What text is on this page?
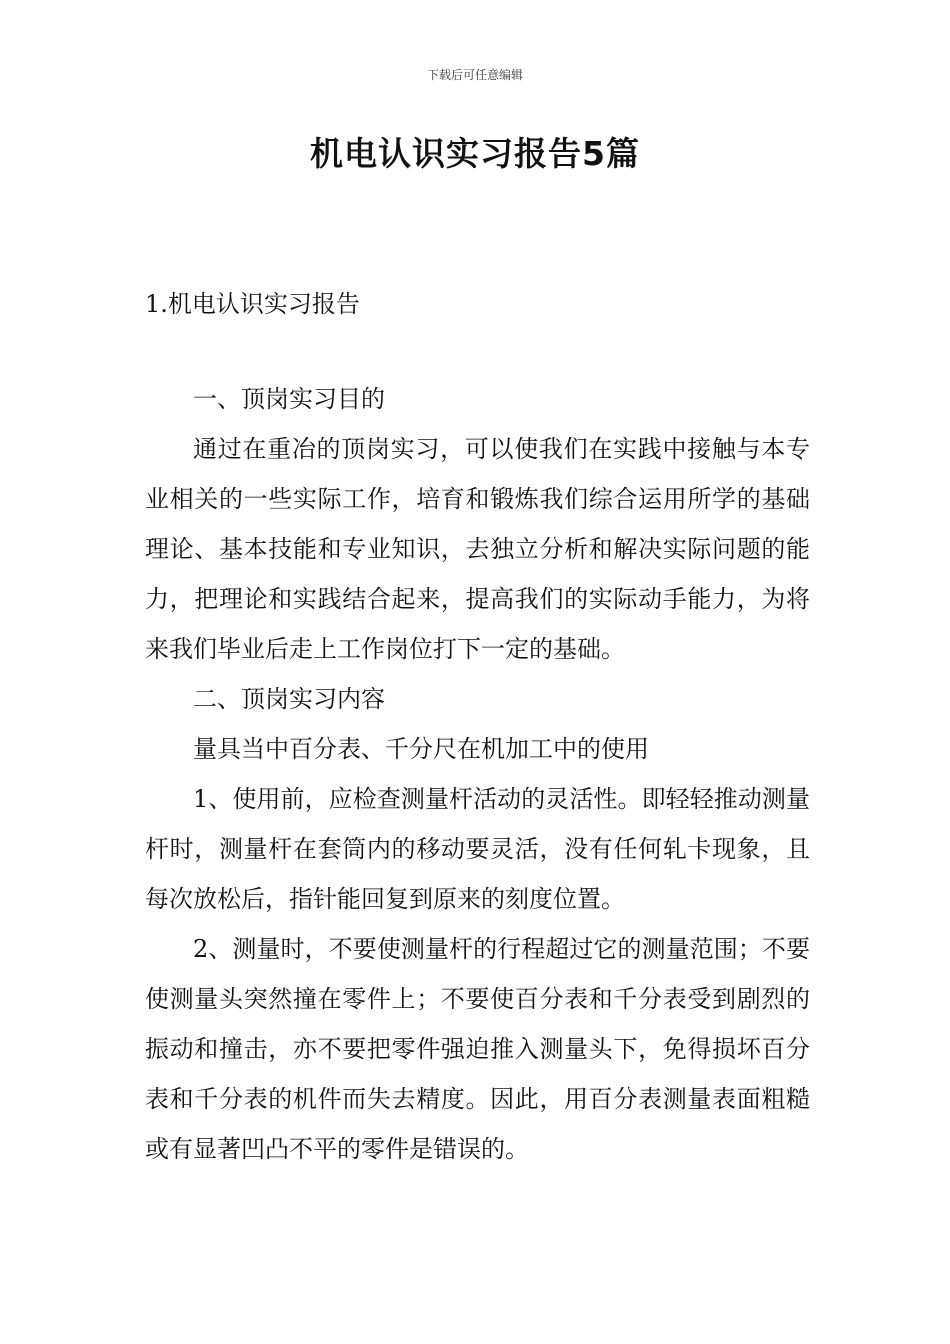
下载后可任意编辑
机电认识实习报告5篇
1.机电认识实习报告

一、顶岗实习目的

通过在重冶的顶岗实习，可以使我们在实践中接触与本专业相关的一些实际工作，培育和锻炼我们综合运用所学的基础理论、基本技能和专业知识，去独立分析和解决实际问题的能力，把理论和实践结合起来，提高我们的实际动手能力，为将来我们毕业后走上工作岗位打下一定的基础。

二、顶岗实习内容

量具当中百分表、千分尺在机加工中的使用

1、使用前，应检查测量杆活动的灵活性。即轻轻推动测量杆时，测量杆在套筒内的移动要灵活，没有任何轧卡现象，且每次放松后，指针能回复到原来的刻度位置。

2、测量时，不要使测量杆的行程超过它的测量范围；不要使测量头突然撞在零件上；不要使百分表和千分表受到剧烈的振动和撞击，亦不要把零件强迫推入测量头下，免得损坏百分表和千分表的机件而失去精度。因此，用百分表测量表面粗糙或有显著凹凸不平的零件是错误的。
